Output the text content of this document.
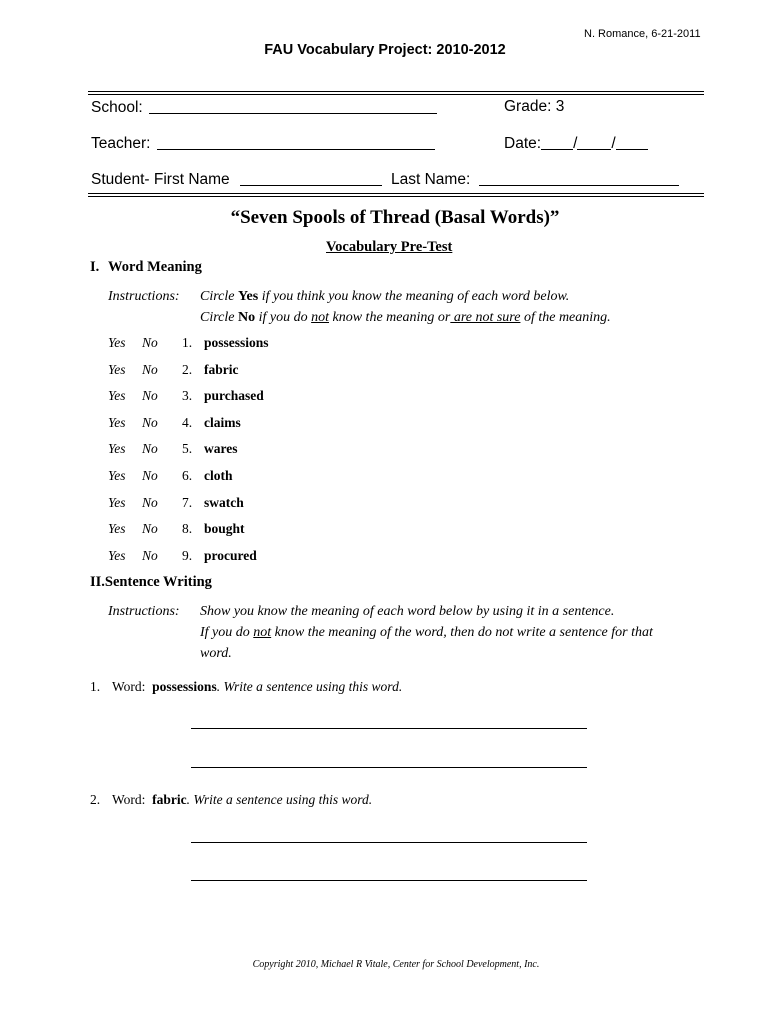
N. Romance, 6-21-2011
FAU Vocabulary Project: 2010-2012
School:	Grade: 3
Teacher:	Date: / /
Student- First Name	Last Name:
“Seven Spools of Thread (Basal Words)”
Vocabulary Pre-Test
I. Word Meaning
Instructions: Circle Yes if you think you know the meaning of each word below.
Circle No if you do not know the meaning or are not sure of the meaning.
Yes No 1. possessions
Yes No 2. fabric
Yes No 3. purchased
Yes No 4. claims
Yes No 5. wares
Yes No 6. cloth
Yes No 7. swatch
Yes No 8. bought
Yes No 9. procured
II.Sentence Writing
Instructions: Show you know the meaning of each word below by using it in a sentence.
If you do not know the meaning of the word, then do not write a sentence for that
word.
1. Word: possessions. Write a sentence using this word.
2. Word: fabric. Write a sentence using this word.
Copyright 2010, Michael R Vitale, Center for School Development, Inc.
